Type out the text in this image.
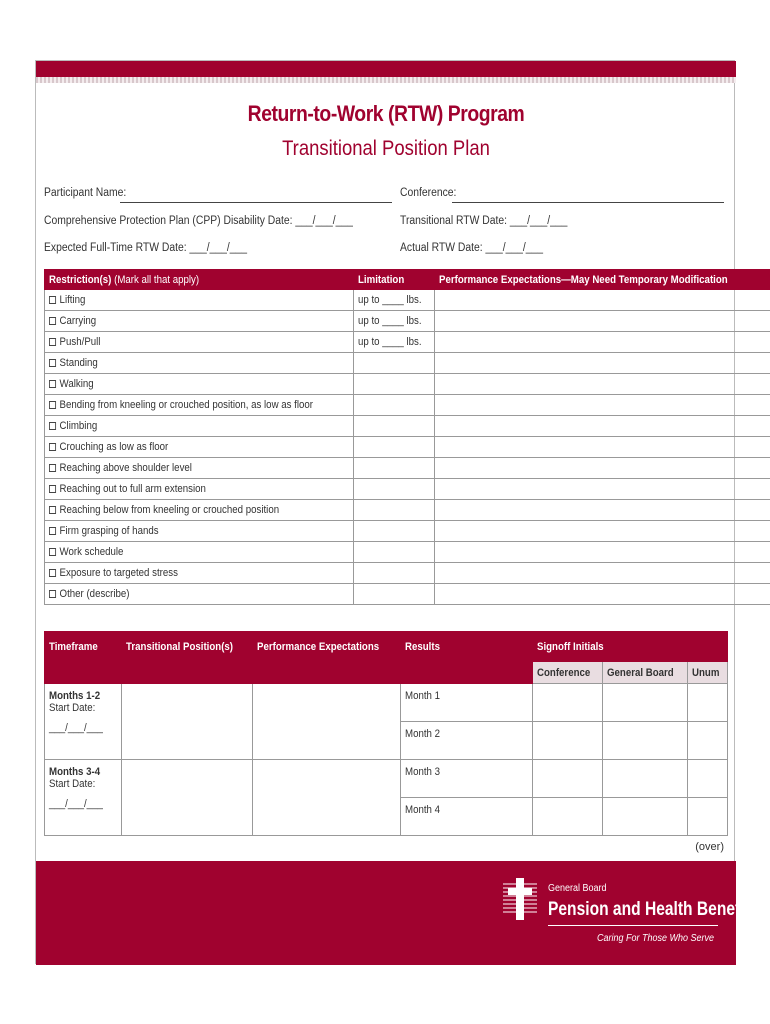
Return-to-Work (RTW) Program
Transitional Position Plan
Participant Name:	Conference:
Comprehensive Protection Plan (CPP) Disability Date: ___/___/___	Transitional RTW Date: ___/___/___
Expected Full-Time RTW Date: ___/___/___	Actual RTW Date: ___/___/___
Restriction(s) (Mark all that apply)	Limitation	Performance Expectations—May Need Temporary Modification
Lifting	up to ____ lbs.	
Carrying	up to ____ lbs.	
Push/Pull	up to ____ lbs.	
Standing		
Walking		
Bending from kneeling or crouched position, as low as floor		
Climbing		
Crouching as low as floor		
Reaching above shoulder level		
Reaching out to full arm extension		
Reaching below from kneeling or crouched position		
Firm grasping of hands		
Work schedule		
Exposure to targeted stress		
Other (describe)		
Timeframe	Transitional Position(s)	Performance Expectations	Results	Signoff Initials		
				Conference	General Board	Unum
Months 1-2
Start Date:
___/___/___			Month 1			
			Month 2			
Months 3-4
Start Date:
___/___/___			Month 3			
			Month 4			
(over)
General Board
Pension and Health Benefits
Caring For Those Who Serve
